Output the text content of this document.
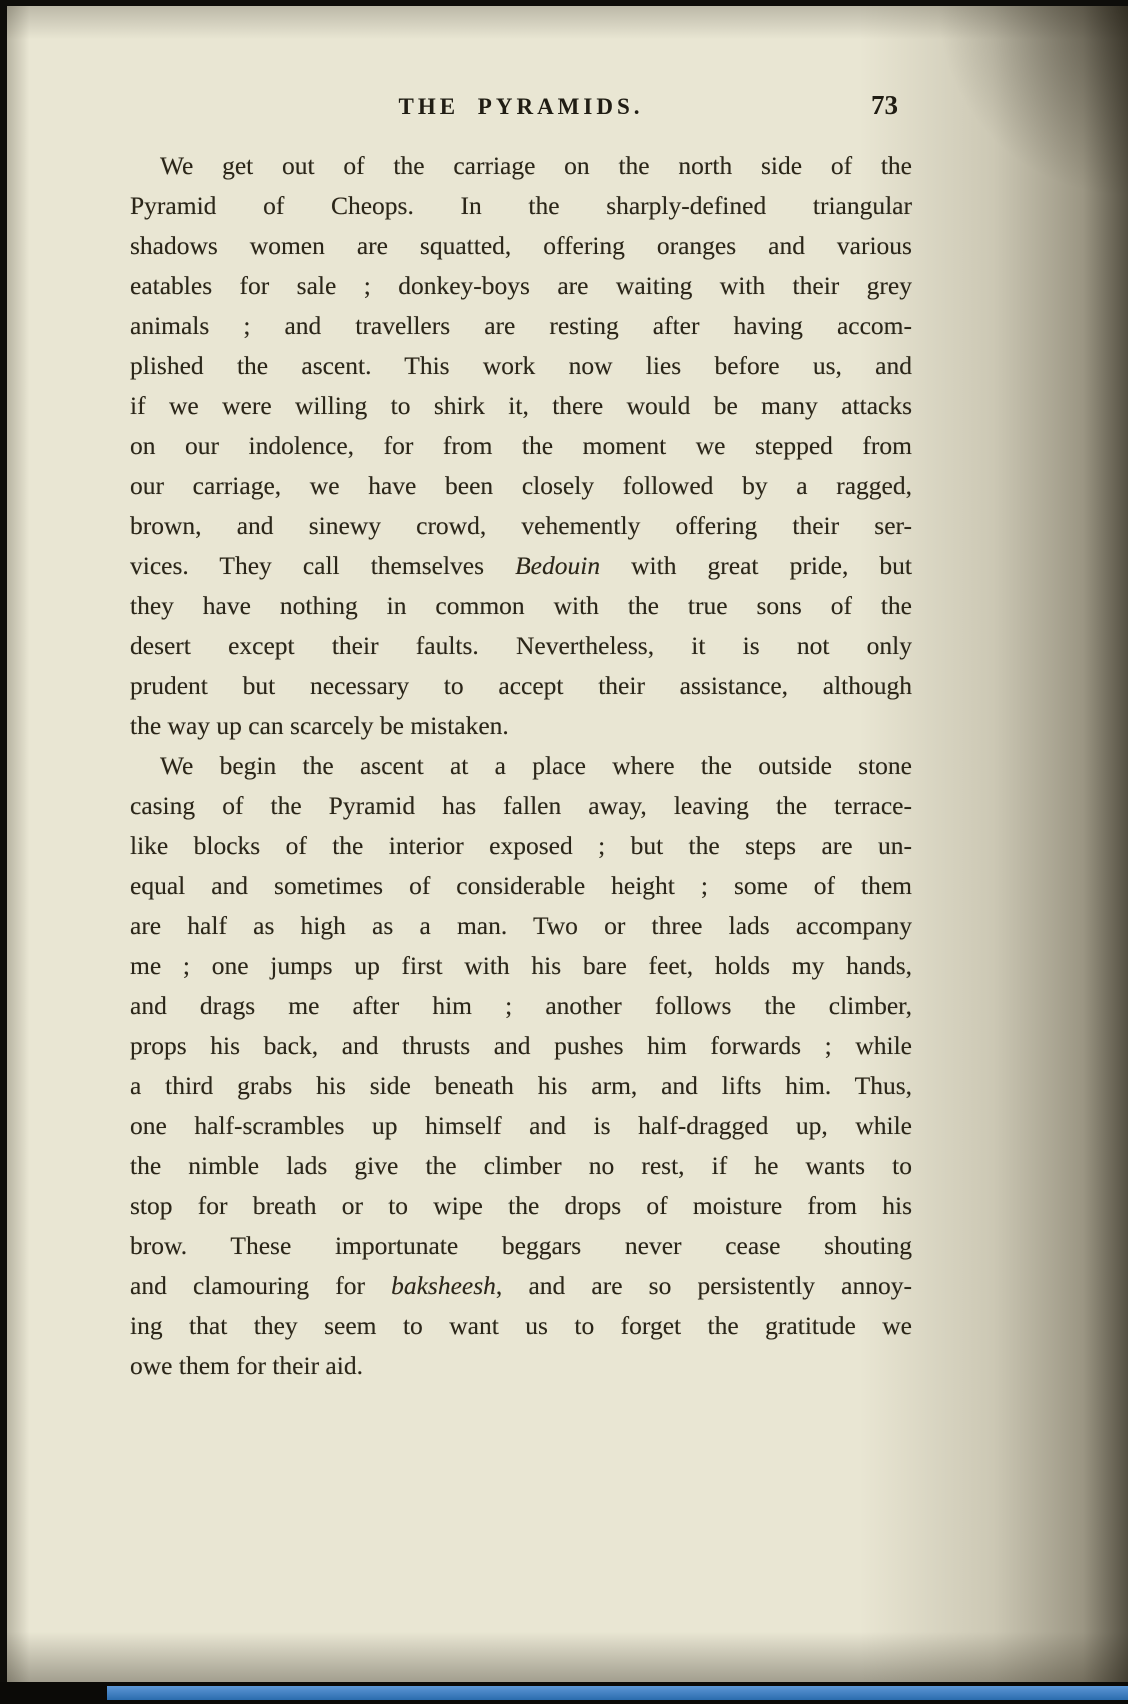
THE PYRAMIDS.	73
We get out of the carriage on the north side of the
Pyramid of Cheops. In the sharply-defined triangular
shadows women are squatted, offering oranges and various
eatables for sale ; donkey-boys are waiting with their grey
animals ; and travellers are resting after having accom-
plished the ascent. This work now lies before us, and
if we were willing to shirk it, there would be many attacks
on our indolence, for from the moment we stepped from
our carriage, we have been closely followed by a ragged,
brown, and sinewy crowd, vehemently offering their ser-
vices. They call themselves Bedouin with great pride, but
they have nothing in common with the true sons of the
desert except their faults. Nevertheless, it is not only
prudent but necessary to accept their assistance, although
the way up can scarcely be mistaken.
We begin the ascent at a place where the outside stone
casing of the Pyramid has fallen away, leaving the terrace-
like blocks of the interior exposed ; but the steps are un-
equal and sometimes of considerable height ; some of them
are half as high as a man. Two or three lads accompany
me ; one jumps up first with his bare feet, holds my hands,
and drags me after him ; another follows the climber,
props his back, and thrusts and pushes him forwards ; while
a third grabs his side beneath his arm, and lifts him. Thus,
one half-scrambles up himself and is half-dragged up, while
the nimble lads give the climber no rest, if he wants to
stop for breath or to wipe the drops of moisture from his
brow. These importunate beggars never cease shouting
and clamouring for baksheesh, and are so persistently annoy-
ing that they seem to want us to forget the gratitude we
owe them for their aid.
